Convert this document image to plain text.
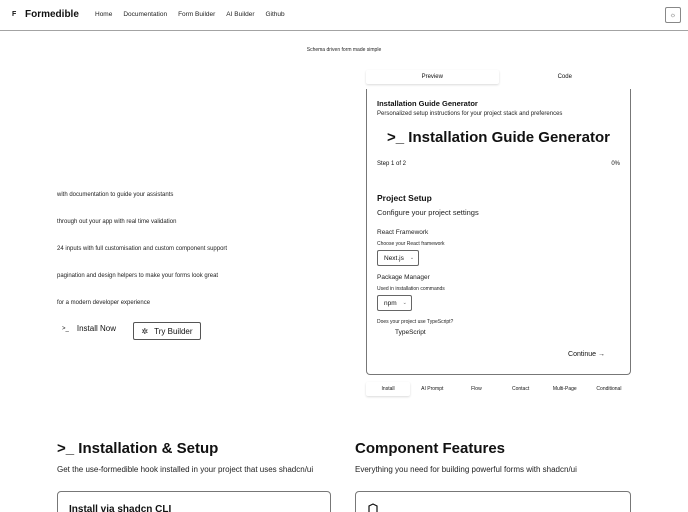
F Formedible Home Documentation Form Builder AI Builder Github	☼
Schema driven form made simple
with documentation to guide your assistants
through out your app with real time validation
24 inputs with full customisation and custom component support
pagination and design helpers to make your forms look great
for a modern developer experience
>_ Install Now	✲ Try Builder
Preview	Code
Installation Guide Generator
Personalized setup instructions for your project stack and preferences
>_ Installation Guide Generator
Step 1 of 2	0%
Project Setup
Configure your project settings
React Framework
Choose your React framework
Next.js ⌄
Package Manager
Used in installation commands
npm ⌄
Does your project use TypeScript?
TypeScript
Continue →
Install	AI Prompt	Flow	Contact	Multi-Page	Conditional
>_ Installation & Setup
Get the use-formedible hook installed in your project that uses shadcn/ui
Install via shadcn CLI
Component Features
Everything you need for building powerful forms with shadcn/ui
